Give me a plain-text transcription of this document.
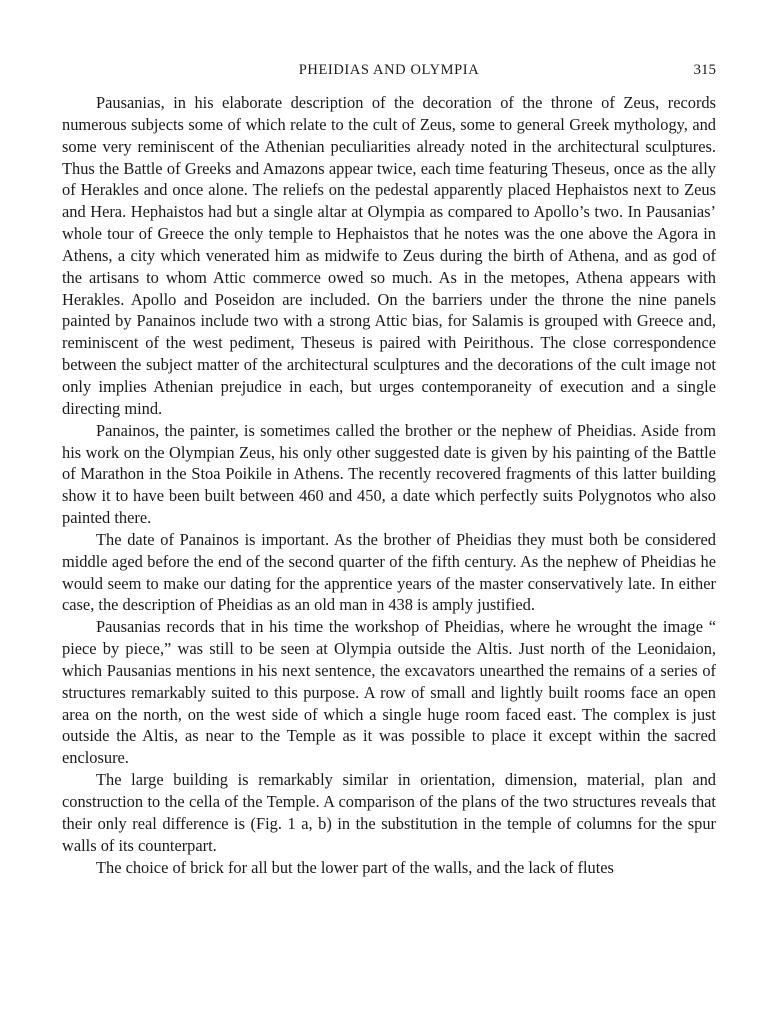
PHEIDIAS AND OLYMPIA	315

Pausanias, in his elaborate description of the decoration of the throne of Zeus, records numerous subjects some of which relate to the cult of Zeus, some to general Greek mythology, and some very reminiscent of the Athenian peculiarities already noted in the architectural sculptures. Thus the Battle of Greeks and Amazons appear twice, each time featuring Theseus, once as the ally of Herakles and once alone. The reliefs on the pedestal apparently placed Hephaistos next to Zeus and Hera. Hephaistos had but a single altar at Olympia as compared to Apollo’s two. In Pausanias’ whole tour of Greece the only temple to Hephaistos that he notes was the one above the Agora in Athens, a city which venerated him as midwife to Zeus during the birth of Athena, and as god of the artisans to whom Attic commerce owed so much. As in the metopes, Athena appears with Herakles. Apollo and Poseidon are included. On the barriers under the throne the nine panels painted by Panainos include two with a strong Attic bias, for Salamis is grouped with Greece and, reminiscent of the west pediment, Theseus is paired with Peirithous. The close correspondence between the subject matter of the architectural sculptures and the decorations of the cult image not only implies Athenian prejudice in each, but urges contemporaneity of execution and a single directing mind.

Panainos, the painter, is sometimes called the brother or the nephew of Pheidias. Aside from his work on the Olympian Zeus, his only other suggested date is given by his painting of the Battle of Marathon in the Stoa Poikile in Athens. The recently recovered fragments of this latter building show it to have been built between 460 and 450, a date which perfectly suits Polygnotos who also painted there.

The date of Panainos is important. As the brother of Pheidias they must both be considered middle aged before the end of the second quarter of the fifth century. As the nephew of Pheidias he would seem to make our dating for the apprentice years of the master conservatively late. In either case, the description of Pheidias as an old man in 438 is amply justified.

Pausanias records that in his time the workshop of Pheidias, where he wrought the image “ piece by piece,” was still to be seen at Olympia outside the Altis. Just north of the Leonidaion, which Pausanias mentions in his next sentence, the excavators unearthed the remains of a series of structures remarkably suited to this purpose. A row of small and lightly built rooms face an open area on the north, on the west side of which a single huge room faced east. The complex is just outside the Altis, as near to the Temple as it was possible to place it except within the sacred enclosure.

The large building is remarkably similar in orientation, dimension, material, plan and construction to the cella of the Temple. A comparison of the plans of the two structures reveals that their only real difference is (Fig. 1 a, b) in the substitution in the temple of columns for the spur walls of its counterpart.

The choice of brick for all but the lower part of the walls, and the lack of flutes
